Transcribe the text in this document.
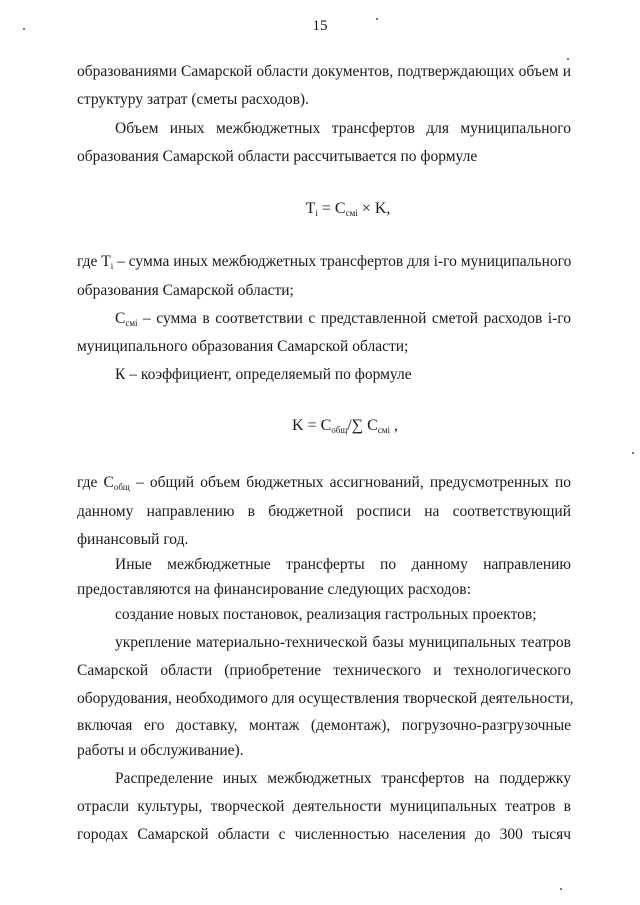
15
образованиями Самарской области документов, подтверждающих объем и
структуру затрат (сметы расходов).
Объем иных межбюджетных трансфертов для муниципального
образования Самарской области рассчитывается по формуле
$T_i = C_{смi} \times K$,
где $T_i$ – сумма иных межбюджетных трансфертов для i-го муниципального
образования Самарской области;
$C_{смi}$ – сумма в соответствии с представленной сметой расходов i-го
муниципального образования Самарской области;
К – коэффициент, определяемый по формуле
$K = C_{общ}/\sum$ $C_{смi}$ ,
где $C_{общ}$ – общий объем бюджетных ассигнований, предусмотренных по
данному направлению в бюджетной росписи на соответствующий
финансовый год.
Иные межбюджетные трансферты по данному направлению
предоставляются на финансирование следующих расходов:
создание новых постановок, реализация гастрольных проектов;
укрепление материально-технической базы муниципальных театров
Самарской области (приобретение технического и технологического
оборудования, необходимого для осуществления творческой деятельности,
включая его доставку, монтаж (демонтаж), погрузочно-разгрузочные
работы и обслуживание).
Распределение иных межбюджетных трансфертов на поддержку
отрасли культуры, творческой деятельности муниципальных театров в
городах Самарской области с численностью населения до 300 тысяч
